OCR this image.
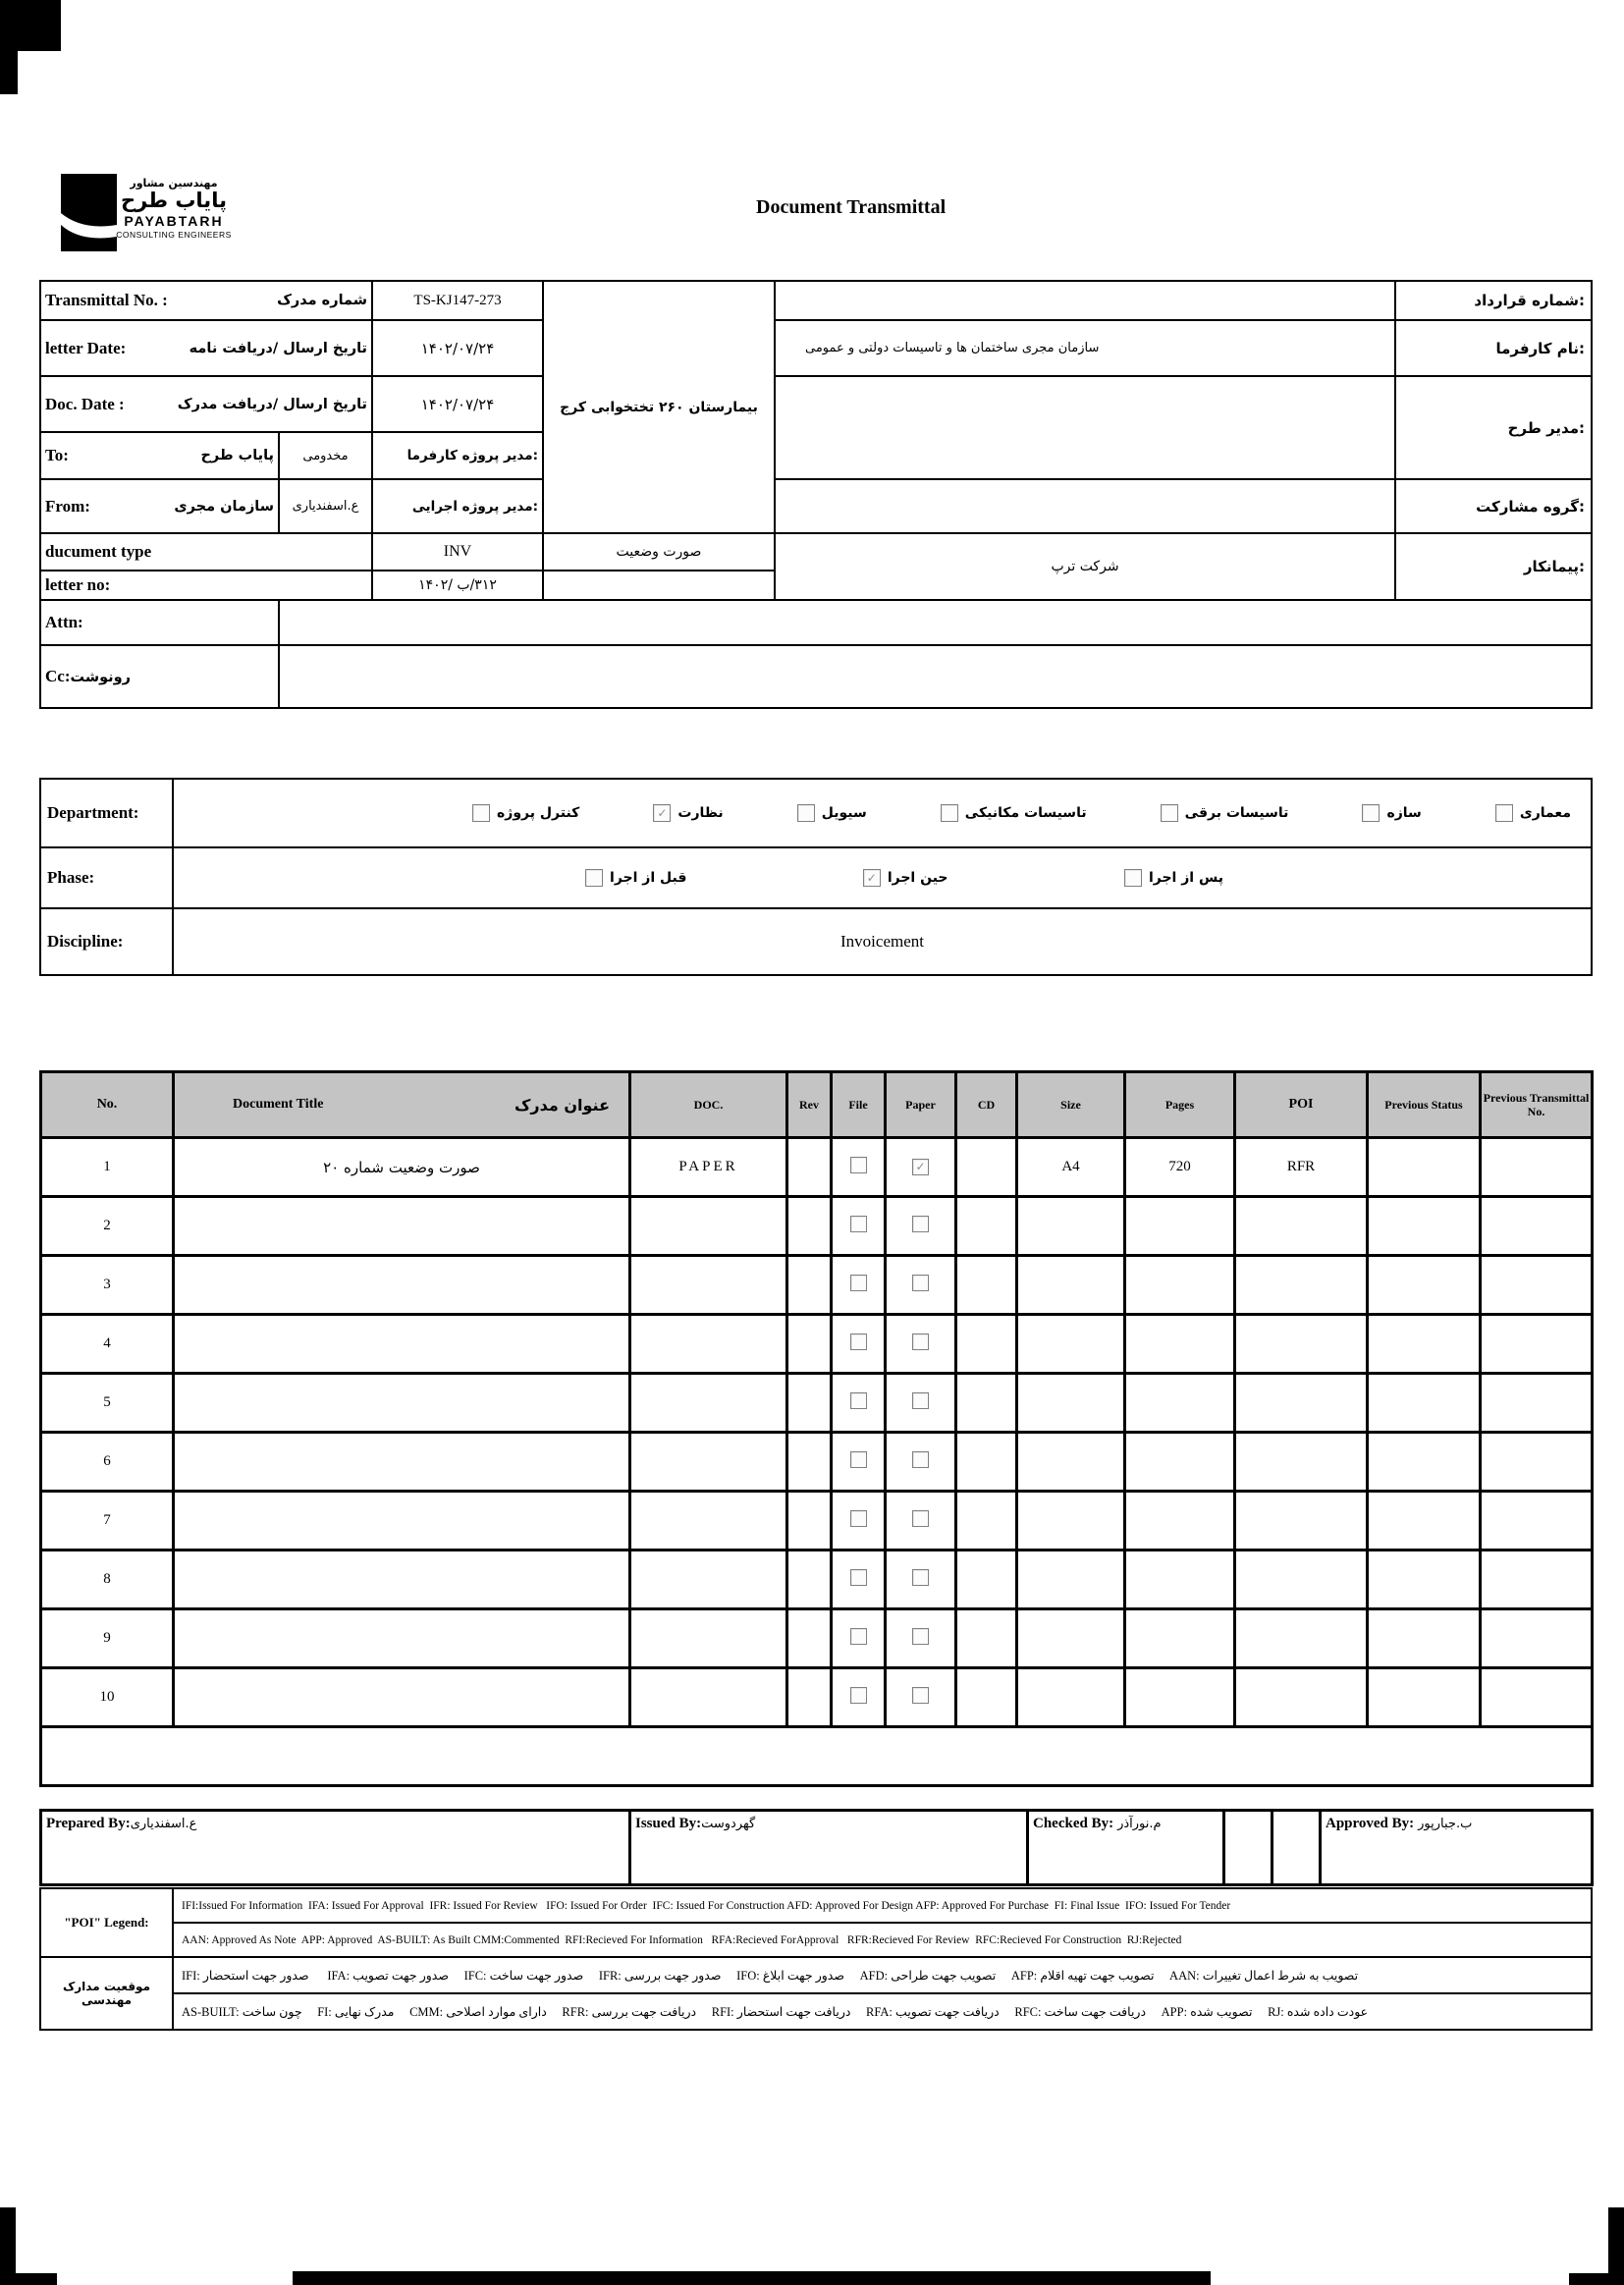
مهندسین مشاور
پایاب طرح
PAYABTARH
CONSULTING ENGINEERS
Document Transmittal
Transmittal No. : شماره مدرک		TS-KJ147-273	بیمارستان ۲۶۰ تختخوابی کرج		شماره قرارداد:

letter Date: تاریخ ارسال /دریافت نامه		۱۴۰۲/۰۷/۲۴		سازمان مجری ساختمان ها و تاسیسات دولتی و عمومی	نام کارفرما:

Doc. Date : تاریخ ارسال /دریافت مدرک		۱۴۰۲/۰۷/۲۴			مدیر طرح:

To: پایاب طرح	مخدومی	مدیر پروژه کارفرما:			

From: سازمان مجری	ع.اسفندیاری	مدیر پروژه اجرایی:			گروه مشارکت:
ducument type		INV	صورت وضعیت	شرکت ترپ	پیمانکار:
letter no:		۳۱۲/ب /۱۴۰۲			
Attn:					
Cc:رونوشت					
Department:	معماری
سازه
تاسیسات برقی
تاسیسات مکانیکی
سیویل
✓ نظارت
کنترل پروژه

Phase:	پس از اجرا
✓ حین اجرا
قبل از اجرا

Discipline:	Invoicement
No.	Document Title عنوان مدرک	DOC.	Rev	File	Paper	CD	Size	Pages	POI	Previous Status	Previous Transmittal No.
1	صورت وضعیت شماره ۲۰	PAPER			✓		A4	720	RFR		
2											
3											
4											
5											
6											
7											
8											
9											
10											

Prepared By:ع.اسفندیاری	Issued By:گهردوست	Checked By: م.نورآذر			Approved By: ب.جبارپور
"POI" Legend:	IFI:Issued For Information  IFA: Issued For Approval  IFR: Issued For Review   IFO: Issued For Order  IFC: Issued For Construction AFD: Approved For Design AFP: Approved For Purchase  FI: Final Issue  IFO: Issued For Tender
	AAN: Approved As Note  APP: Approved  AS-BUILT: As Built CMM:Commented  RFI:Recieved For Information   RFA:Recieved ForApproval   RFR:Recieved For Review  RFC:Recieved For Construction  RJ:Rejected
موقعیت مدارک مهندسی	IFI: صدور جهت استحضار      IFA: صدور جهت تصویب     IFC: صدور جهت ساخت     IFR: صدور جهت بررسی     IFO: صدور جهت ابلاغ     AFD: تصویب جهت طراحی     AFP: تصویب جهت تهیه اقلام     AAN: تصویب به شرط اعمال تغییرات
	AS-BUILT: چون ساخت     FI: مدرک نهایی     CMM: دارای موارد اصلاحی     RFR: دریافت جهت بررسی     RFI: دریافت جهت استحضار     RFA: دریافت جهت تصویب     RFC: دریافت جهت ساخت     APP: تصویب شده     RJ: عودت داده شده
